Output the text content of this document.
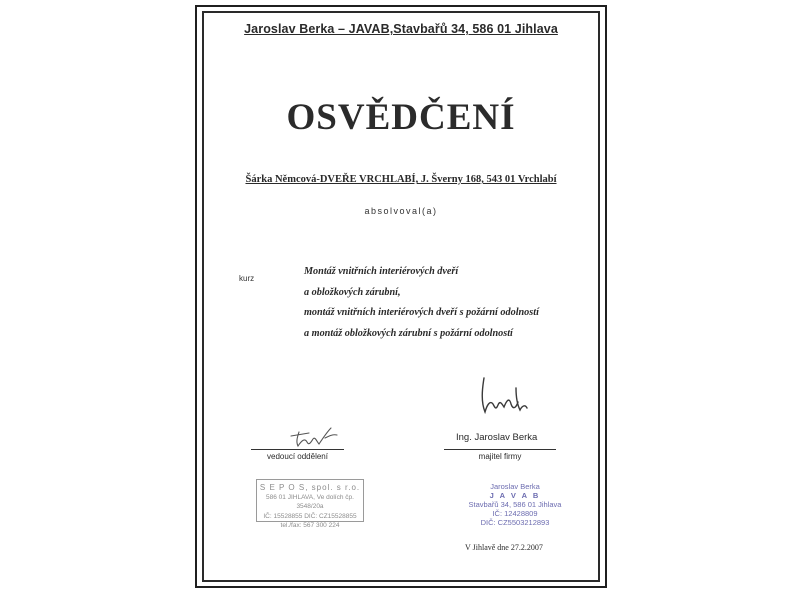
Jaroslav Berka – JAVAB,Stavbařů 34, 586 01 Jihlava
OSVĚDČENÍ
Šárka Němcová-DVEŘE VRCHLABÍ, J. Šverny 168, 543 01 Vrchlabí
absolvoval(a)
kurz
Montáž vnitřních interiérových dveří
a obložkových zárubní,
montáž vnitřních interiérových dveří s požární odolností
a montáž obložkových zárubní s požární odolností
vedoucí oddělení
Ing. Jaroslav Berka
majitel firmy
S E P O S, spol. s r.o.
586 01 JIHLAVA, Ve dolích čp. 3548/20a
IČ: 15528855 DIČ: CZ15528855
tel./fax: 567 300 224
Jaroslav Berka
J A V A B
Stavbařů 34, 586 01 Jihlava
IČ: 12428809
DIČ: CZ5503212893
V Jihlavě dne 27.2.2007
